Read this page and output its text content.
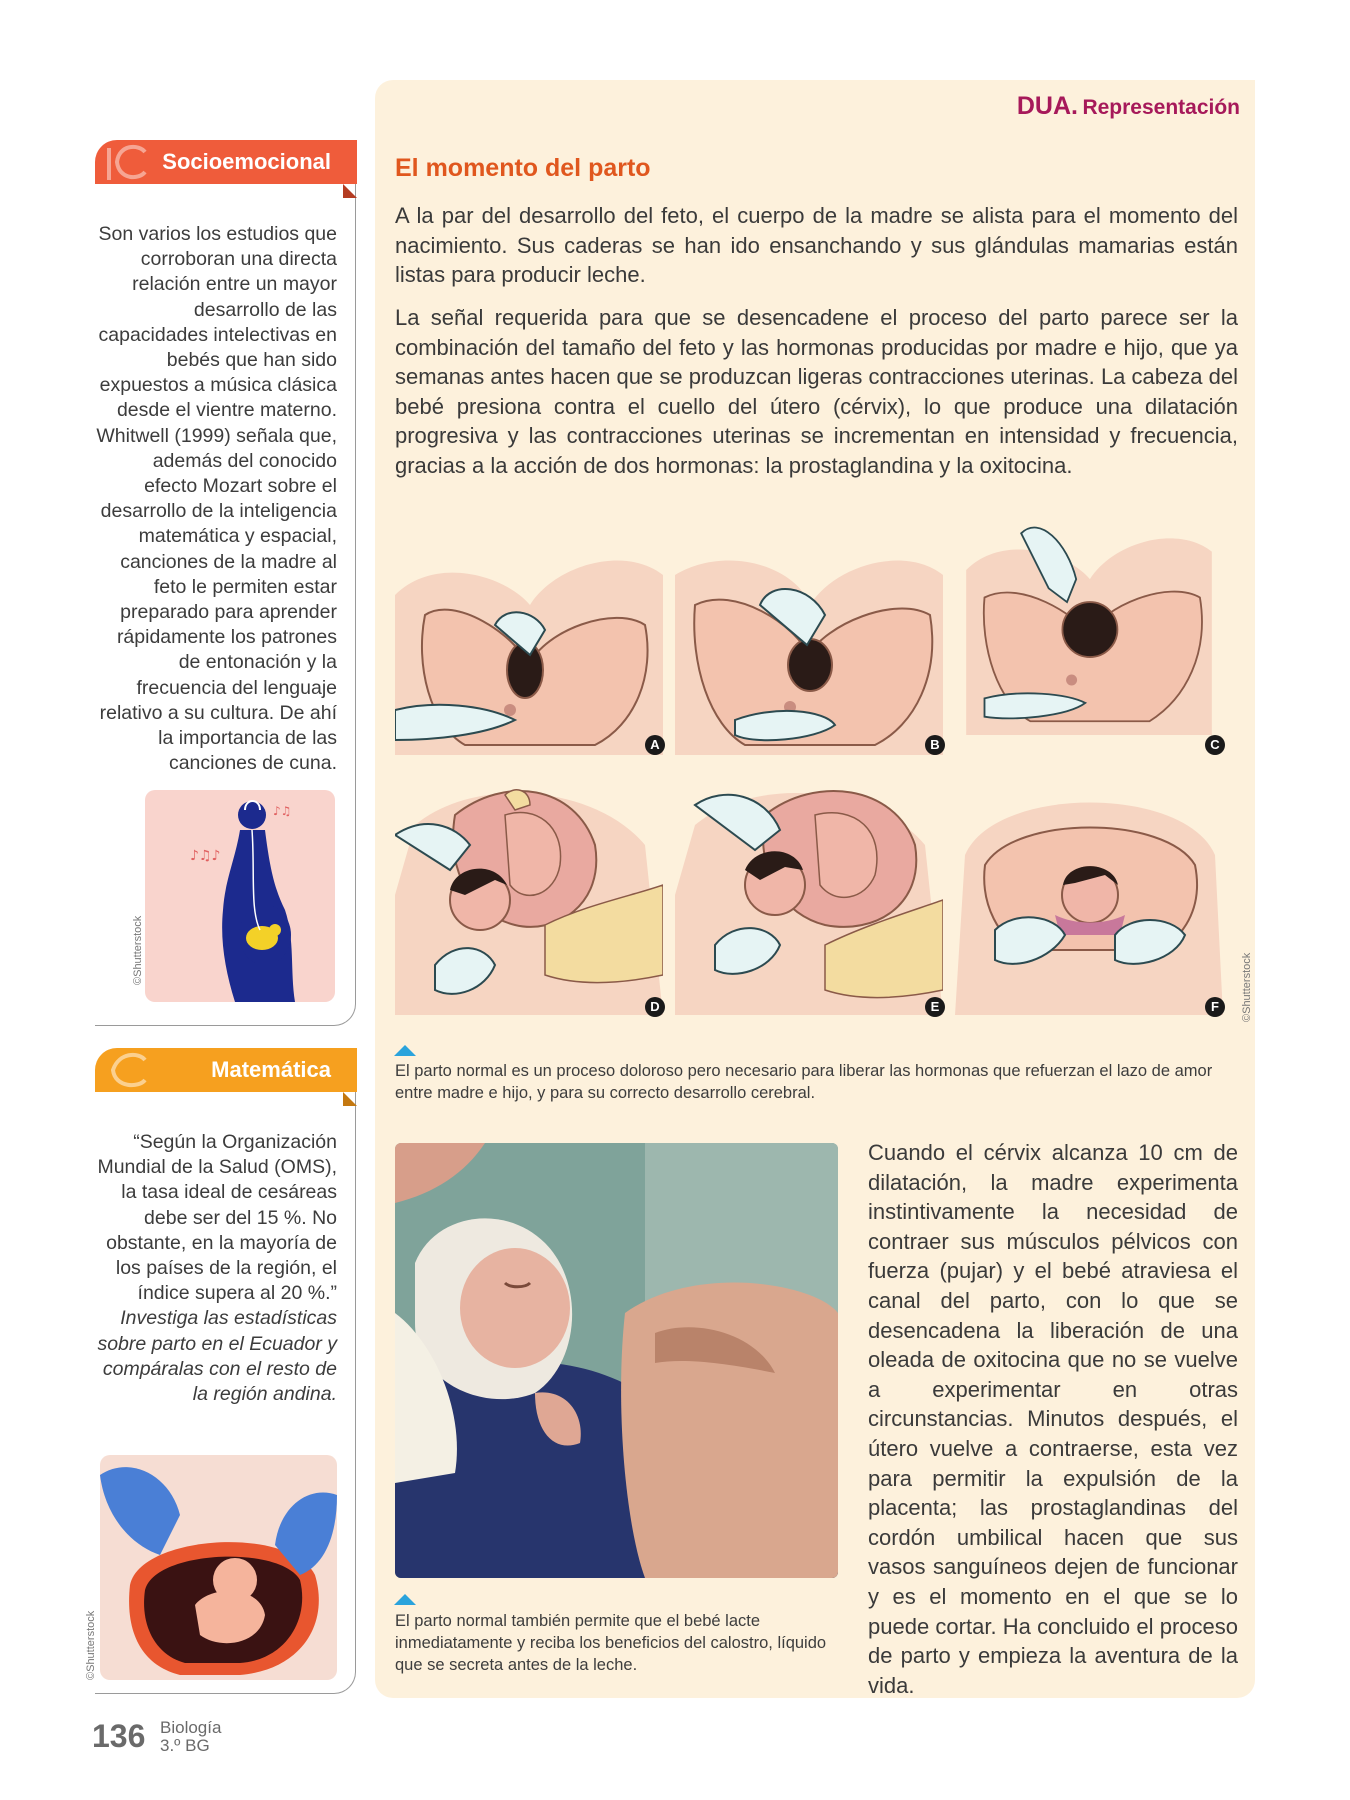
DUA. Representación
El momento del parto
A la par del desarrollo del feto, el cuerpo de la madre se alista para el momento del nacimiento. Sus caderas se han ido ensanchando y sus glándulas mamarias están listas para producir leche.
La señal requerida para que se desencadene el proceso del parto parece ser la combinación del tamaño del feto y las hormonas producidas por madre e hijo, que ya semanas antes hacen que se produzcan ligeras contracciones uterinas. La cabeza del bebé presiona contra el cuello del útero (cérvix), lo que produce una dilatación progresiva y las contracciones uterinas se incrementan en intensidad y frecuencia, gracias a la acción de dos hormonas: la prostaglandina y la oxitocina.
A	B	C
D	E	F	©Shutterstock
El parto normal es un proceso doloroso pero necesario para liberar las hormonas que refuerzan el lazo de amor entre madre e hijo, y para su correcto desarrollo cerebral.
El parto normal también permite que el bebé lacte inmediatamente y reciba los beneficios del calostro, líquido que se secreta antes de la leche.
Cuando el cérvix alcanza 10 cm de dilatación, la madre experimenta instintivamente la necesidad de contraer sus músculos pélvicos con fuerza (pujar) y el bebé atraviesa el canal del parto, con lo que se desencadena la liberación de una oleada de oxitocina que no se vuelve a experimentar en otras circunstancias. Minutos después, el útero vuelve a contraerse, esta vez para permitir la expulsión de la placenta; las prostaglandinas del cordón umbilical hacen que sus vasos sanguíneos dejen de funcionar y es el momento en el que se lo puede cortar. Ha concluido el proceso de parto y empieza la aventura de la vida.
Socioemocional
Son varios los estudios que corroboran una directa relación entre un mayor desarrollo de las capacidades intelectivas en bebés que han sido expuestos a música clásica desde el vientre materno. Whitwell (1999) señala que, además del conocido efecto Mozart sobre el desarrollo de la inteligencia matemática y espacial, canciones de la madre al feto le permiten estar preparado para aprender rápidamente los patrones de entonación y la frecuencia del lenguaje relativo a su cultura. De ahí la importancia de las canciones de cuna.
♪♫♪
♪♫
©Shutterstock
Matemática
“Según la Organización Mundial de la Salud (OMS), la tasa ideal de cesáreas debe ser del 15 %. No obstante, en la mayoría de los países de la región, el índice supera al 20 %.”
Investiga las estadísticas sobre parto en el Ecuador y compáralas con el resto de la región andina.
©Shutterstock
136 Biología
3.º BG
